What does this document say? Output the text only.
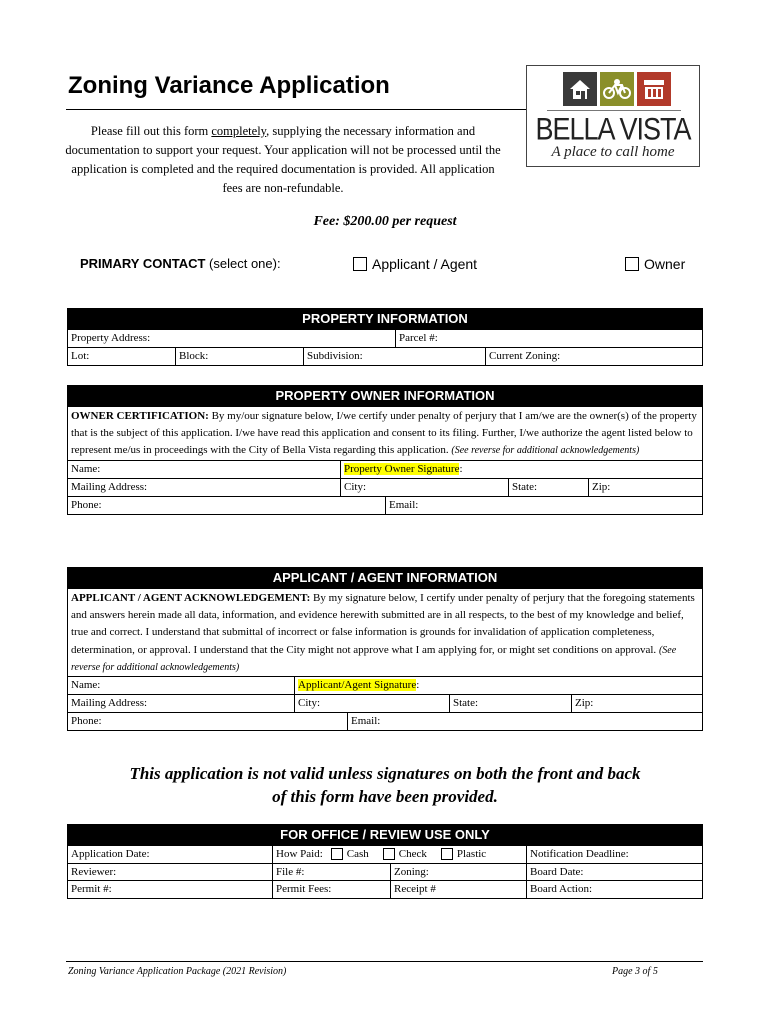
Zoning Variance Application
Please fill out this form completely, supplying the necessary information and documentation to support your request. Your application will not be processed until the application is completed and the required documentation is provided. All application fees are non-refundable.
BELLA VISTA
A place to call home
Fee: $200.00 per request
PRIMARY CONTACT (select one):	Applicant / Agent	Owner
PROPERTY INFORMATION
Property Address:	Parcel #:
Lot:	Block:	Subdivision:	Current Zoning:
PROPERTY OWNER INFORMATION
OWNER CERTIFICATION: By my/our signature below, I/we certify under penalty of perjury that I am/we are the owner(s) of the property that is the subject of this application. I/we have read this application and consent to its filing. Further, I/we authorize the agent listed below to represent me/us in proceedings with the City of Bella Vista regarding this application. (See reverse for additional acknowledgements)
Name:	Property Owner Signature:
Mailing Address:	City:	State:	Zip:
Phone:	Email:
APPLICANT / AGENT INFORMATION
APPLICANT / AGENT ACKNOWLEDGEMENT: By my signature below, I certify under penalty of perjury that the foregoing statements and answers herein made all data, information, and evidence herewith submitted are in all respects, to the best of my knowledge and belief, true and correct. I understand that submittal of incorrect or false information is grounds for invalidation of application completeness, determination, or approval. I understand that the City might not approve what I am applying for, or might set conditions on approval. (See reverse for additional acknowledgements)
Name:	Applicant/Agent Signature:
Mailing Address:	City:	State:	Zip:
Phone:	Email:
This application is not valid unless signatures on both the front and back
of this form have been provided.
FOR OFFICE / REVIEW USE ONLY
Application Date:	How Paid: Cash	Check	Plastic	Notification Deadline:
Reviewer:	File #:	Zoning:	Board Date:
Permit #:	Permit Fees:	Receipt #	Board Action:
Zoning Variance Application Package (2021 Revision)	Page 3 of 5
